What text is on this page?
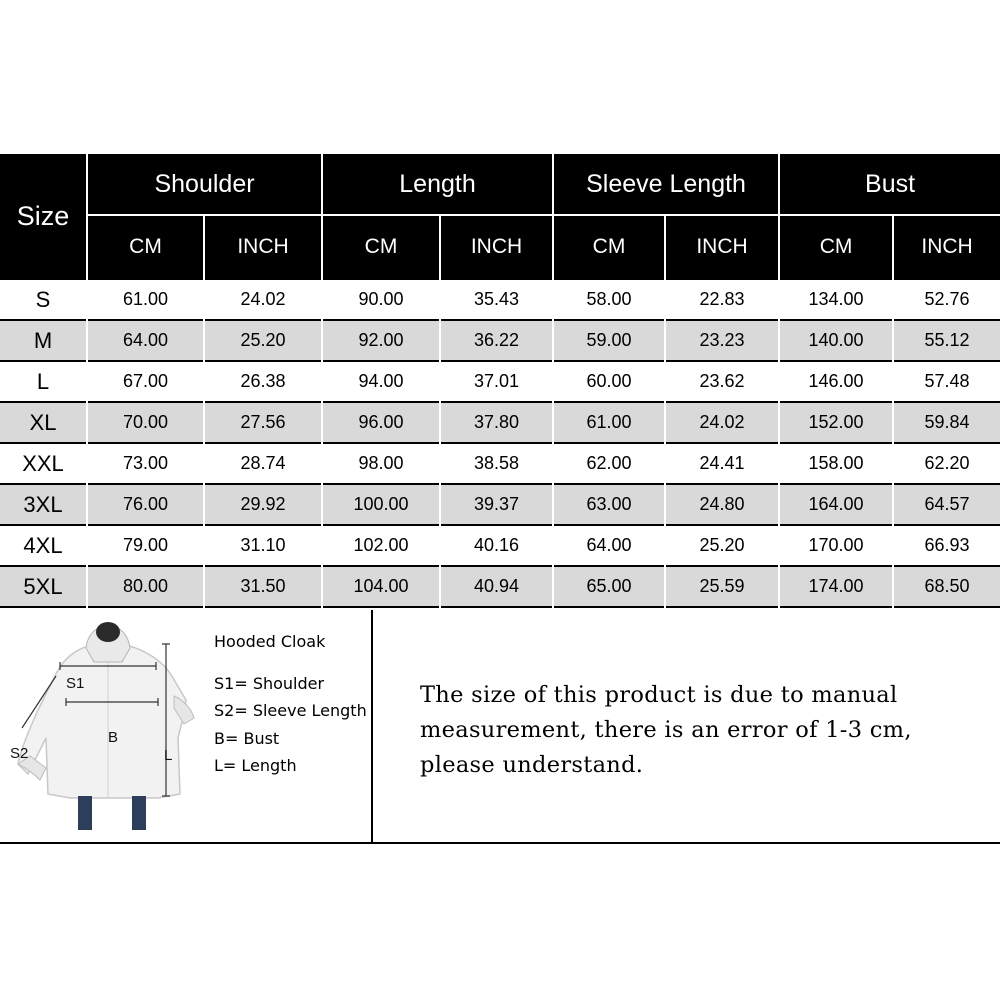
Size	Shoulder		Length		Sleeve Length		Bust	
	CM	INCH	CM	INCH	CM	INCH	CM	INCH
S	61.00	24.02	90.00	35.43	58.00	22.83	134.00	52.76
M	64.00	25.20	92.00	36.22	59.00	23.23	140.00	55.12
L	67.00	26.38	94.00	37.01	60.00	23.62	146.00	57.48
XL	70.00	27.56	96.00	37.80	61.00	24.02	152.00	59.84
XXL	73.00	28.74	98.00	38.58	62.00	24.41	158.00	62.20
3XL	76.00	29.92	100.00	39.37	63.00	24.80	164.00	64.57
4XL	79.00	31.10	102.00	40.16	64.00	25.20	170.00	66.93
5XL	80.00	31.50	104.00	40.94	65.00	25.59	174.00	68.50
S1
S2
B
L
Hooded Cloak
S1= Shoulder
S2= Sleeve Length
B= Bust
L= Length
The size of this product is due to manual
measurement, there is an error of 1-3 cm,
please understand.
